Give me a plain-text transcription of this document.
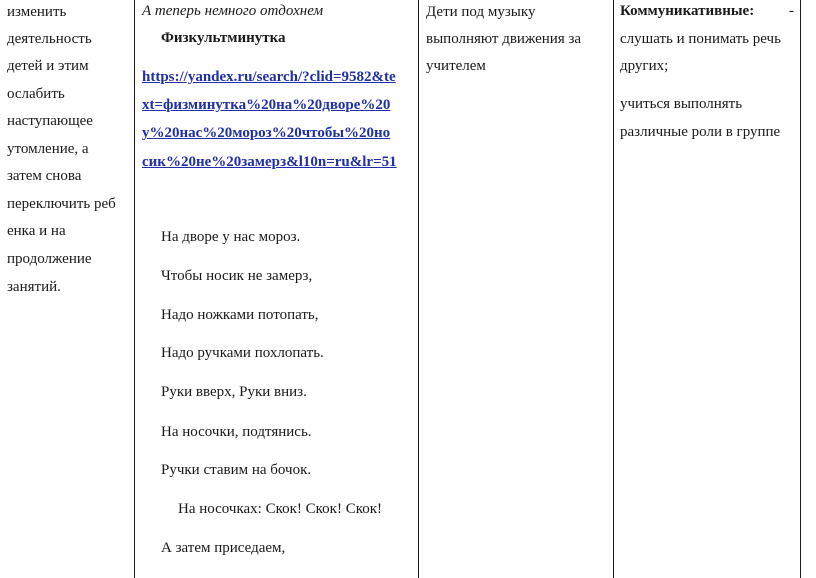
изменить
деятельность
детей и этим
ослабить
наступающее
утомление, а
затем снова
переключить реб
енка и на
продолжение
занятий.
А теперь немного отдохнем
Физкультминутка
https://yandex.ru/search/?clid=9582&te
xt=физминутка%20на%20дворе%20
у%20нас%20мороз%20чтобы%20но
сик%20не%20замерз&l10n=ru&lr=51
На дворе у нас мороз.
Чтобы носик не замерз,
Надо ножками потопать,
Надо ручками похлопать.
Руки вверх, Руки вниз.
На носочки, подтянись.
Ручки ставим на бочок.
На носочках: Скок! Скок! Скок!
А затем приседаем,
Дети под музыку
выполняют движения за
учителем
Коммуникативные: -
слушать и понимать речь
других;
учиться выполнять
различные роли в группе
